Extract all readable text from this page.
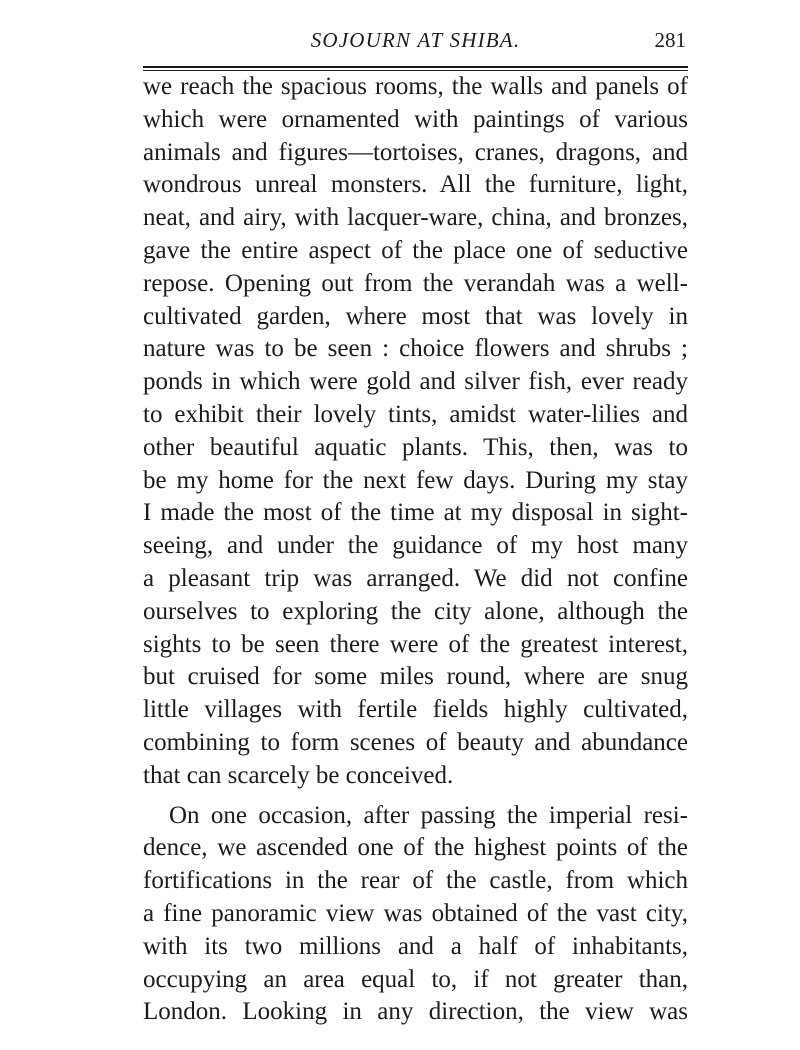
SOJOURN AT SHIBA.	281
we reach the spacious rooms, the walls and panels of
which were ornamented with paintings of various
animals and figures—tortoises, cranes, dragons, and
wondrous unreal monsters. All the furniture, light,
neat, and airy, with lacquer-ware, china, and bronzes,
gave the entire aspect of the place one of seductive
repose. Opening out from the verandah was a well-
cultivated garden, where most that was lovely in
nature was to be seen : choice flowers and shrubs ;
ponds in which were gold and silver fish, ever ready
to exhibit their lovely tints, amidst water-lilies and
other beautiful aquatic plants. This, then, was to
be my home for the next few days. During my stay
I made the most of the time at my disposal in sight-
seeing, and under the guidance of my host many
a pleasant trip was arranged. We did not confine
ourselves to exploring the city alone, although the
sights to be seen there were of the greatest interest,
but cruised for some miles round, where are snug
little villages with fertile fields highly cultivated,
combining to form scenes of beauty and abundance
that can scarcely be conceived.
On one occasion, after passing the imperial resi-
dence, we ascended one of the highest points of the
fortifications in the rear of the castle, from which
a fine panoramic view was obtained of the vast city,
with its two millions and a half of inhabitants,
occupying an area equal to, if not greater than,
London. Looking in any direction, the view was
